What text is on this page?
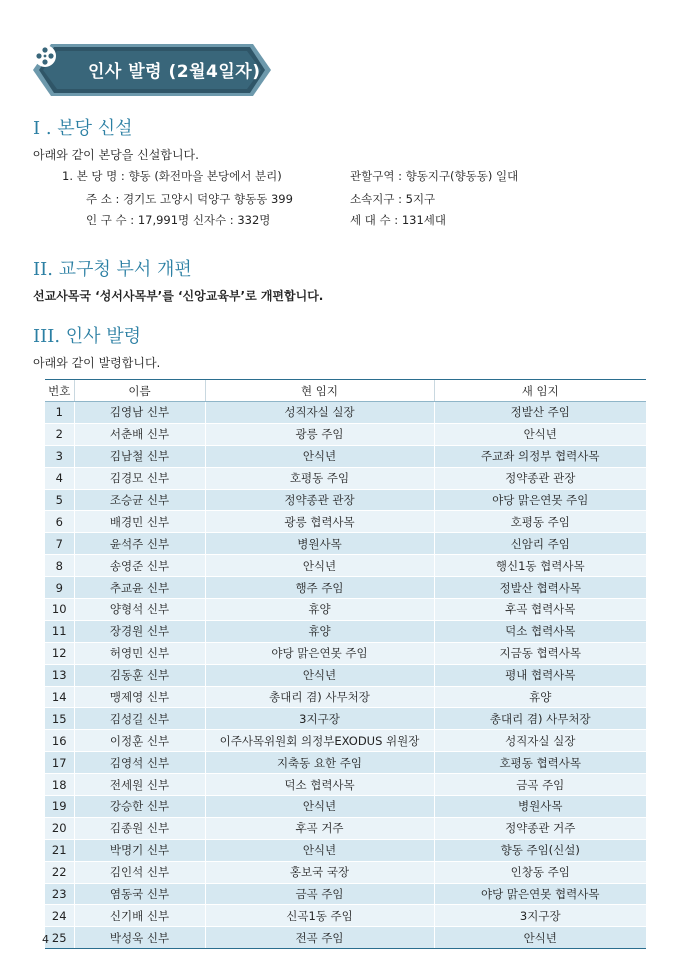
인사 발령 (2월4일자)
I . 본당 신설
아래와 같이 본당을 신설합니다.
1. 본 당 명 : 향동 (화전마을 본당에서 분리)	관할구역 : 향동지구(향동동) 일대
주 소 : 경기도 고양시 덕양구 향동동 399	소속지구 : 5지구
인 구 수 : 17,991명 신자수 : 332명	세 대 수 : 131세대
II. 교구청 부서 개편
선교사목국 ‘성서사목부’를 ‘신앙교육부’로 개편합니다.
III. 인사 발령
아래와 같이 발령합니다.
번호	이름	현 임지	새 임지
1	김영남 신부	성직자실 실장	정발산 주임
2	서춘배 신부	광릉 주임	안식년
3	김남철 신부	안식년	주교좌 의정부 협력사목
4	김경모 신부	호평동 주임	정약종관 관장
5	조승균 신부	정약종관 관장	야당 맑은연못 주임
6	배경민 신부	광릉 협력사목	호평동 주임
7	윤석주 신부	병원사목	신암리 주임
8	송영준 신부	안식년	행신1동 협력사목
9	추교윤 신부	행주 주임	정발산 협력사목
10	양형석 신부	휴양	후곡 협력사목
11	장경원 신부	휴양	덕소 협력사목
12	허영민 신부	야당 맑은연못 주임	지금동 협력사목
13	김동훈 신부	안식년	평내 협력사목
14	맹제영 신부	총대리 겸) 사무처장	휴양
15	김성길 신부	3지구장	총대리 겸) 사무처장
16	이정훈 신부	이주사목위원회 의정부EXODUS 위원장	성직자실 실장
17	김영석 신부	지축동 요한 주임	호평동 협력사목
18	전세원 신부	덕소 협력사목	금곡 주임
19	강승한 신부	안식년	병원사목
20	김종원 신부	후곡 거주	정약종관 거주
21	박명기 신부	안식년	향동 주임(신설)
22	김인석 신부	홍보국 국장	인창동 주임
23	염동국 신부	금곡 주임	야당 맑은연못 협력사목
24	신기배 신부	신곡1동 주임	3지구장
25	박성욱 신부	전곡 주임	안식년
4
